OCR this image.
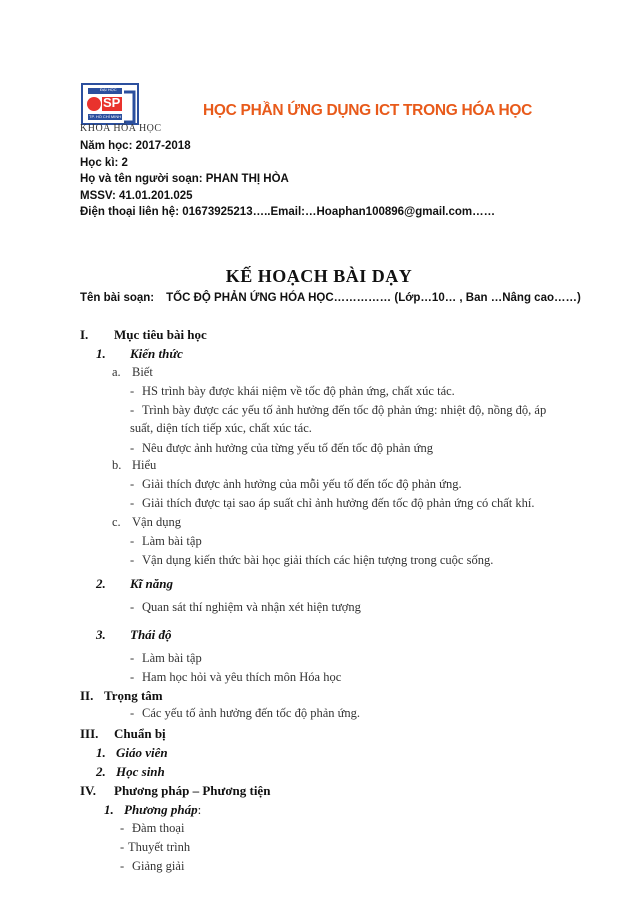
ĐẠI HỌC
SP
TP. HỒ CHÍ MINH
KHOA HÓA HỌC
HỌC PHẦN ỨNG DỤNG ICT TRONG HÓA HỌC
Năm học: 2017-2018
Học kì: 2
Họ và tên người soạn: PHAN THỊ HÒA
MSSV: 41.01.201.025
Điện thoại liên hệ: 01673925213…..Email:…Hoaphan100896@gmail.com……
KẾ HOẠCH BÀI DẠY
Tên bài soạn: TỐC ĐỘ PHẢN ỨNG HÓA HỌC…………… (Lớp…10… , Ban …Nâng cao……)
I. Mục tiêu bài học
1. Kiến thức
a. Biết
- HS trình bày được khái niệm về tốc độ phản ứng, chất xúc tác.
- Trình bày được các yếu tố ảnh hưởng đến tốc độ phản ứng: nhiệt độ, nồng độ, áp
suất, diện tích tiếp xúc, chất xúc tác.
- Nêu được ảnh hưởng của từng yếu tố đến tốc độ phản ứng
b. Hiểu
- Giải thích được ảnh hưởng của mỗi yếu tố đến tốc độ phản ứng.
- Giải thích được tại sao áp suất chỉ ảnh hưởng đến tốc độ phản ứng có chất khí.
c. Vận dụng
- Làm bài tập
- Vận dụng kiến thức bài học giải thích các hiện tượng trong cuộc sống.
2. Kĩ năng
- Quan sát thí nghiệm và nhận xét hiện tượng
3. Thái độ
- Làm bài tập
- Ham học hỏi và yêu thích môn Hóa học
II. Trọng tâm
- Các yếu tố ảnh hưởng đến tốc độ phản ứng.
III. Chuẩn bị
1. Giáo viên
2. Học sinh
IV. Phương pháp – Phương tiện
1. Phương pháp:
- Đàm thoại
- Thuyết trình
- Giảng giải
